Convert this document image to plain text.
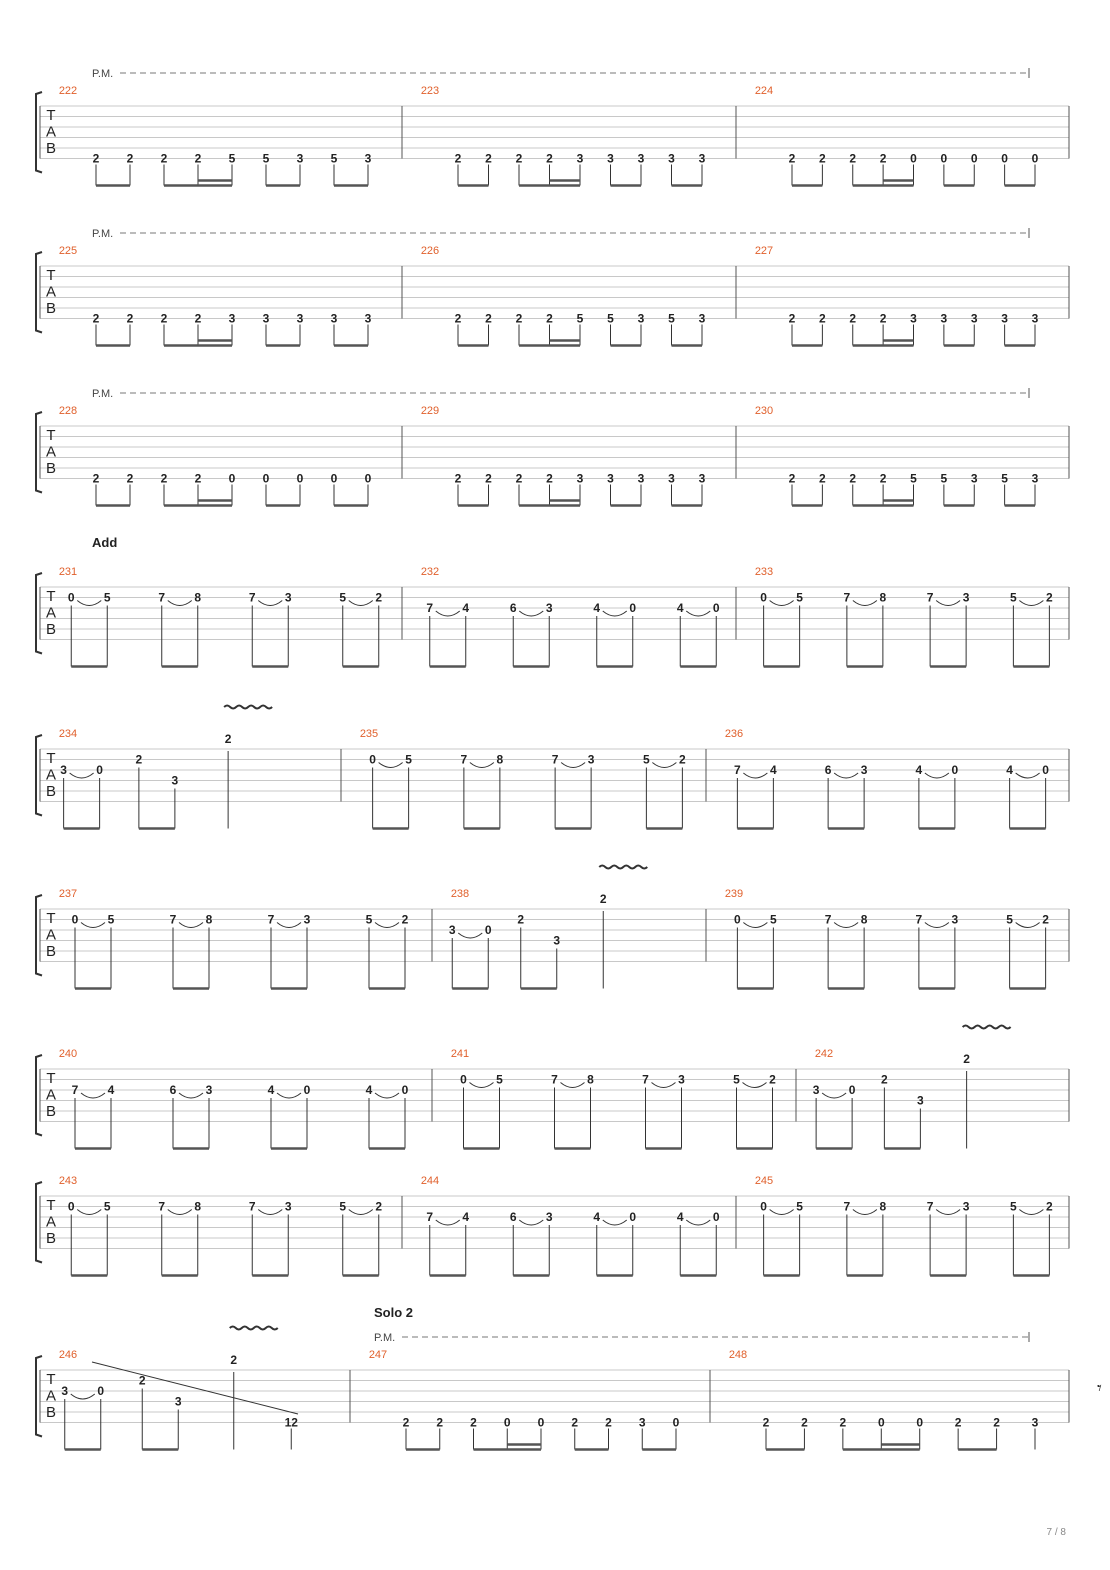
T
A
B
P.M.
222
2 2 2 2 5 5 3 5 3
223
2 2 2 2 3 3 3 3 3
224
2 2 2 2 0 0 0 0 0
T
A
B
P.M.
225
2 2 2 2 3 3 3 3 3
226
2 2 2 2 5 5 3 5 3
227
2 2 2 2 3 3 3 3 3
T
A
B
P.M.
228
2 2 2 2 0 0 0 0 0
229
2 2 2 2 3 3 3 3 3
230
2 2 2 2 5 5 3 5 3
T
A
B
Add
231
0 5	7 8	7 3	5 2
232
7 4	6 3	4 0	4 0
233
0 5	7 8	7 3	5 2
T
A
B
234
3 0
2
3
2	235
0 5	7 8	7 3	5 2
236
7 4	6 3	4 0	4 0
T
A
B
237
0 5	7 8	7 3	5 2
238
3 0
2
3
2	239
0 5	7 8	7 3	5 2
T
A
B
240
7 4	6 3	4 0	4 0
241
0 5	7 8	7 3	5 2
242
3 0
2
3
2
T
A
B
243
0 5	7 8	7 3	5 2
244
7 4	6 3	4 0	4 0
245
0 5	7 8	7 3	5 2
T
A
B
P.M.
Solo 2
246
3 0
2
3
2
12
247
2 2 2 0 0 2 2 3 0
248
2	2	2	0	0	2	2	3
𝄾
7 / 8
